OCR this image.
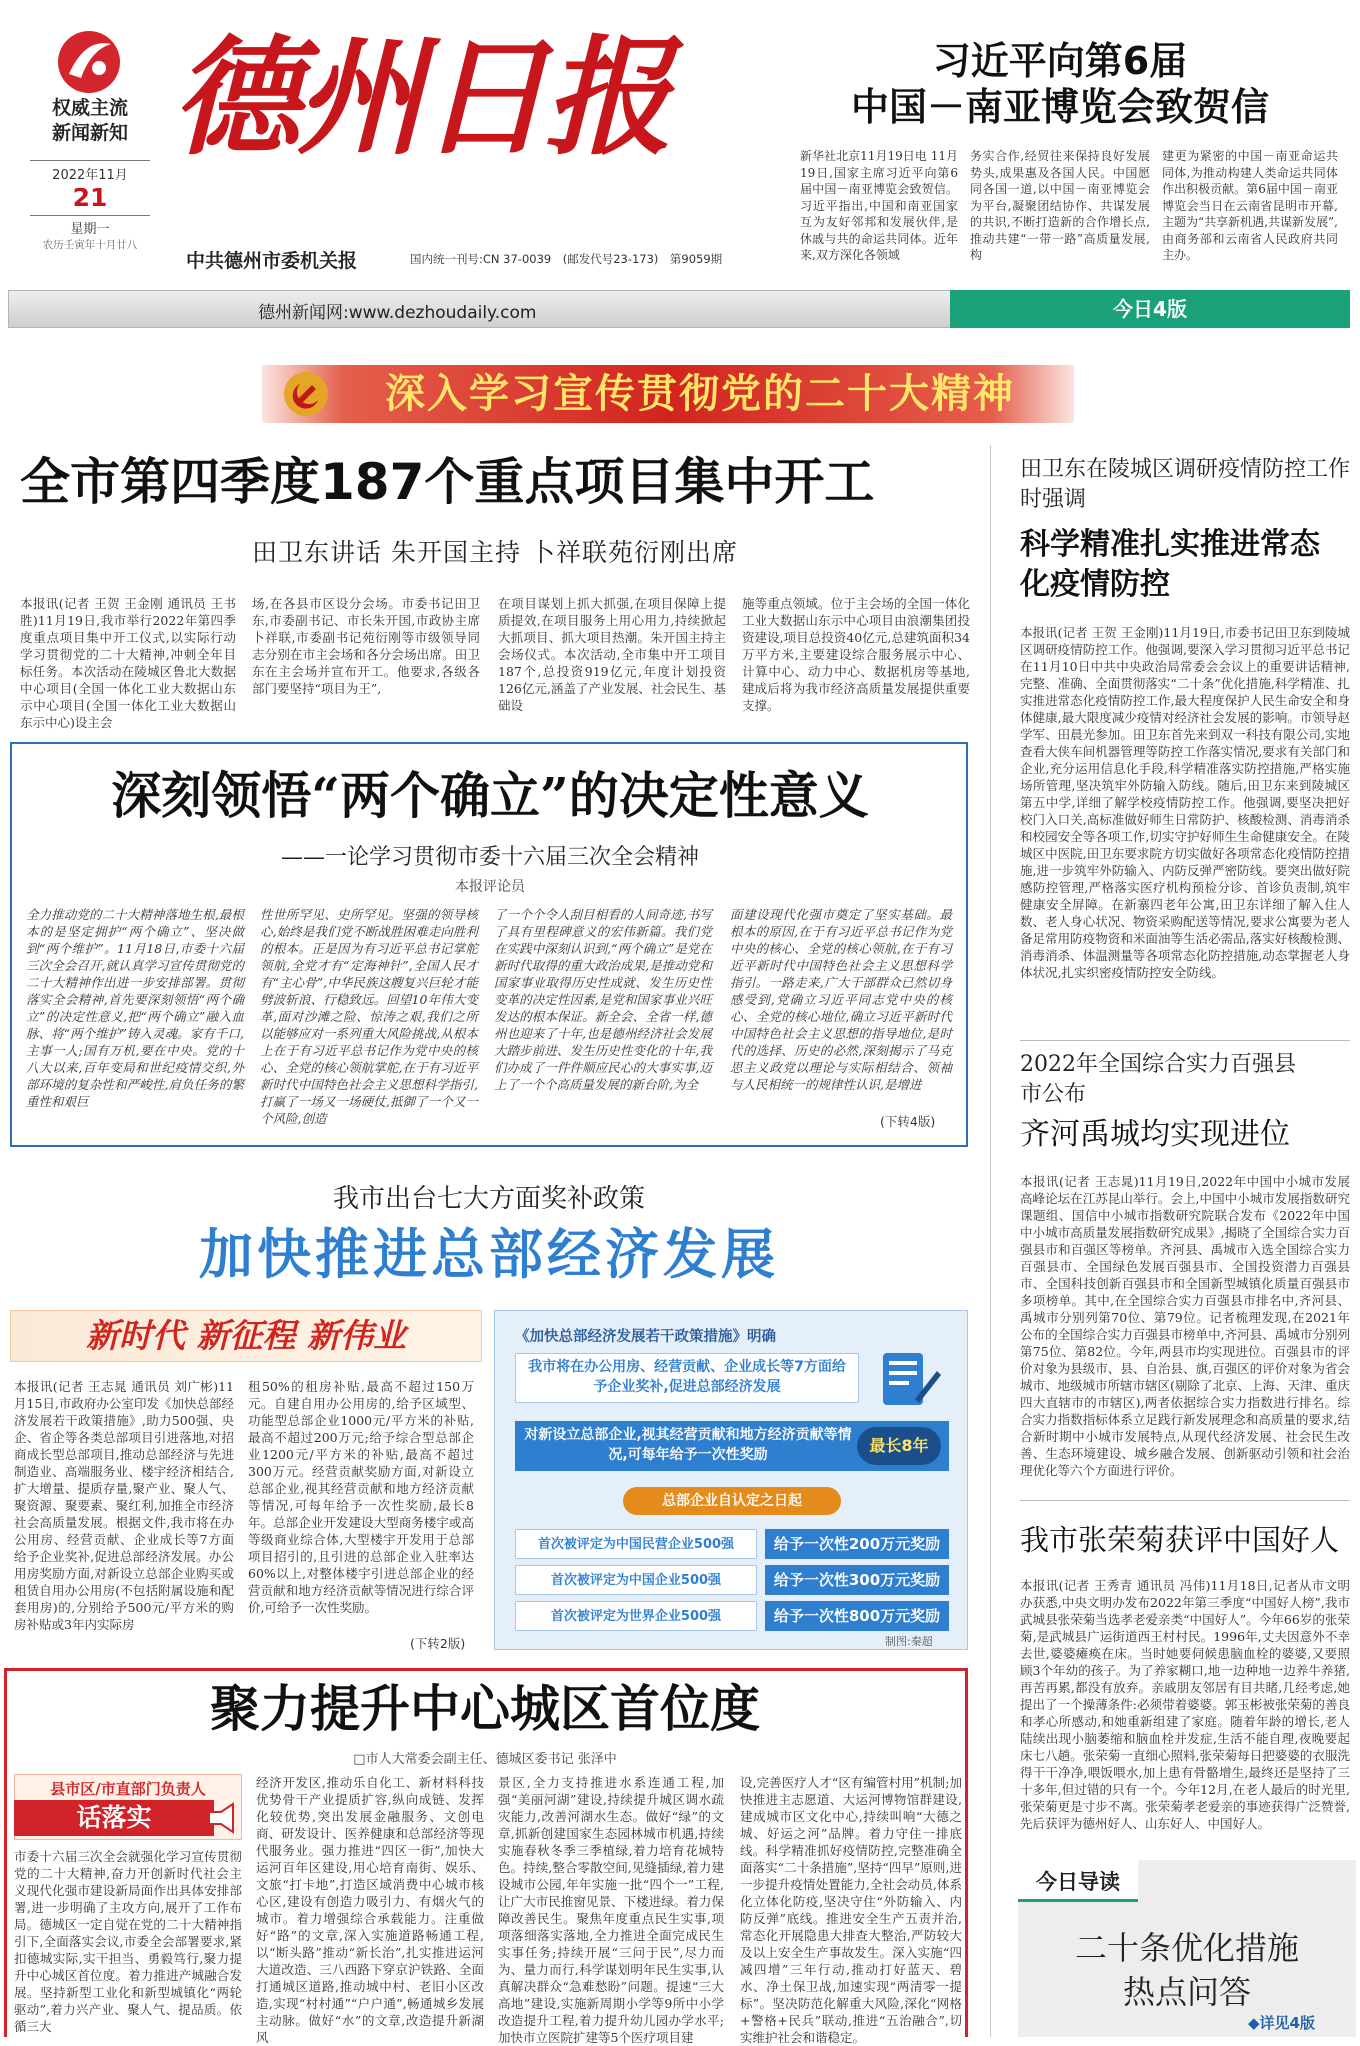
权威主流
新闻新知
2022年11月
21
星期一
农历壬寅年十月廿八
德州日报
中共德州市委机关报	国内统一刊号:CN 37-0039　(邮发代号23-173)　第9059期
习近平向第6届
中国－南亚博览会致贺信
新华社北京11月19日电 11月19日,国家主席习近平向第6届中国－南亚博览会致贺信。习近平指出,中国和南亚国家互为友好邻邦和发展伙伴,是休戚与共的命运共同体。近年来,双方深化各领域
务实合作,经贸往来保持良好发展势头,成果惠及各国人民。中国愿同各国一道,以中国－南亚博览会为平台,凝聚团结协作、共谋发展的共识,不断打造新的合作增长点,推动共建“一带一路”高质量发展,构
建更为紧密的中国－南亚命运共同体,为推动构建人类命运共同体作出积极贡献。第6届中国－南亚博览会当日在云南省昆明市开幕,主题为“共享新机遇,共谋新发展”,由商务部和云南省人民政府共同主办。
德州新闻网:www.dezhoudaily.com	今日4版
深入学习宣传贯彻党的二十大精神
全市第四季度187个重点项目集中开工
田卫东讲话 朱开国主持 卜祥联苑衍刚出席
本报讯(记者 王贺 王金刚 通讯员 王书胜)11月19日,我市举行2022年第四季度重点项目集中开工仪式,以实际行动学习贯彻党的二十大精神,冲刺全年目标任务。本次活动在陵城区鲁北大数据中心项目(全国一体化工业大数据山东示中心项目(全国一体化工业大数据山东示中心)设主会
场,在各县市区设分会场。市委书记田卫东,市委副书记、市长朱开国,市政协主席卜祥联,市委副书记苑衍刚等市级领导同志分别在市主会场和各分会场出席。田卫东在主会场并宣布开工。他要求,各级各部门要坚持“项目为王”,
在项目谋划上抓大抓强,在项目保障上提质提效,在项目服务上用心用力,持续掀起大抓项目、抓大项目热潮。朱开国主持主会场仪式。本次活动,全市集中开工项目187个,总投资919亿元,年度计划投资126亿元,涵盖了产业发展、社会民生、基础设
施等重点领域。位于主会场的全国一体化工业大数据山东示中心项目由浪潮集团投资建设,项目总投资40亿元,总建筑面积34万平方米,主要建设综合服务展示中心、计算中心、动力中心、数据机房等基地,建成后将为我市经济高质量发展提供重要支撑。
深刻领悟“两个确立”的决定性意义
——一论学习贯彻市委十六届三次全会精神
本报评论员
全力推动党的二十大精神落地生根,最根本的是坚定拥护“两个确立”、坚决做到“两个维护”。11月18日,市委十六届三次全会召开,就认真学习宣传贯彻党的二十大精神作出进一步安排部署。贯彻落实全会精神,首先要深刻领悟“两个确立”的决定性意义,把“两个确立”融入血脉、将“两个维护”铸入灵魂。家有千口,主事一人;国有万机,要在中央。党的十八大以来,百年变局和世纪疫情交织,外部环境的复杂性和严峻性,肩负任务的繁重性和艰巨
性世所罕见、史所罕见。坚强的领导核心,始终是我们党不断战胜困难走向胜利的根本。正是因为有习近平总书记掌舵领航,全党才有“定海神针”,全国人民才有“主心骨”,中华民族这艘复兴巨轮才能劈波斩浪、行稳致远。回望10年伟大变革,面对沙滩之险、惊涛之艰,我们之所以能够应对一系列重大风险挑战,从根本上在于有习近平总书记作为党中央的核心、全党的核心领航掌舵,在于有习近平新时代中国特色社会主义思想科学指引,打赢了一场又一场硬仗,抵御了一个又一个风险,创造
了一个个令人刮目相看的人间奇迹,书写了具有里程碑意义的宏伟新篇。我们党在实践中深刻认识到,“两个确立”是党在新时代取得的重大政治成果,是推动党和国家事业取得历史性成就、发生历史性变革的决定性因素,是党和国家事业兴旺发达的根本保证。新全会、全省一样,德州也迎来了十年,也是德州经济社会发展大踏步前进、发生历史性变化的十年,我们办成了一件件顺应民心的大事实事,迈上了一个个高质量发展的新台阶,为全
面建设现代化强市奠定了坚实基础。最根本的原因,在于有习近平总书记作为党中央的核心、全党的核心领航,在于有习近平新时代中国特色社会主义思想科学指引。一路走来,广大干部群众已然切身感受到,党确立习近平同志党中央的核心、全党的核心地位,确立习近平新时代中国特色社会主义思想的指导地位,是时代的选择、历史的必然,深刻揭示了马克思主义政党以理论与实际相结合、领袖与人民相统一的规律性认识,是增进
(下转4版)
我市出台七大方面奖补政策
加快推进总部经济发展
新时代 新征程 新伟业
本报讯(记者 王志晁 通讯员 刘广彬)11月15日,市政府办公室印发《加快总部经济发展若干政策措施》,助力500强、央企、省企等各类总部项目引进落地,对招商成长型总部项目,推动总部经济与先进制造业、高端服务业、楼宇经济相结合,扩大增量、提质存量,聚产业、聚人气、聚资源、聚要素、聚红利,加推全市经济社会高质量发展。根据文件,我市将在办公用房、经营贡献、企业成长等7方面给予企业奖补,促进总部经济发展。办公用房奖励方面,对新设立总部企业购买或租赁自用办公用房(不包括附属设施和配套用房)的,分别给予500元/平方米的购房补贴或3年内实际房
租50%的租房补贴,最高不超过150万元。自建自用办公用房的,给予区域型、功能型总部企业1000元/平方米的补贴,最高不超过200万元;给予综合型总部企业1200元/平方米的补贴,最高不超过300万元。经营贡献奖励方面,对新设立总部企业,视其经营贡献和地方经济贡献等情况,可每年给予一次性奖励,最长8年。总部企业开发建设大型商务楼宇或高等级商业综合体,大型楼宇开发用于总部项目招引的,且引进的总部企业入驻率达60%以上,对整体楼宇引进总部企业的经营贡献和地方经济贡献等情况进行综合评价,可给予一次性奖励。
(下转2版)
《加快总部经济发展若干政策措施》明确
我市将在办公用房、经营贡献、企业成长等7方面给予企业奖补,促进总部经济发展
对新设立总部企业,视其经营贡献和地方经济贡献等情况,可每年给予一次性奖励	最长8年
总部企业自认定之日起
首次被评定为中国民营企业500强	给予一次性200万元奖励
首次被评定为中国企业500强	给予一次性300万元奖励
首次被评定为世界企业500强	给予一次性800万元奖励
制图:秦超
聚力提升中心城区首位度
□市人大常委会副主任、德城区委书记 张泽中
县市区/市直部门负责人
话落实
市委十六届三次全会就强化学习宣传贯彻党的二十大精神,奋力开创新时代社会主义现代化强市建设新局面作出具体安排部署,进一步明确了主攻方向,展开了工作布局。德城区一定自觉在党的二十大精神指引下,全面落实会议,市委全会部署要求,紧扣德城实际,实干担当、勇毅笃行,聚力提升中心城区首位度。着力推进产城融合发展。坚持新型工业化和新型城镇化“两轮驱动”,着力兴产业、聚人气、提品质。依循三大
经济开发区,推动乐自化工、新材料科技优势骨干产业提质扩容,纵向成链、发挥化较优势,突出发展金融服务、文创电商、研发设计、医养健康和总部经济等现代服务业。强力推进“四区一街”,加快大运河百年区建设,用心培育南街、娱乐、文旅“打卡地”,打造区域消费中心城市核心区,建设有创造力吸引力、有烟火气的城市。着力增强综合承载能力。注重做好“路”的文章,深入实施道路畅通工程,以“断头路”推动“新长治”,扎实推进运河大道改造、三八西路下穿京沪铁路、全面打通城区道路,推动城中村、老旧小区改造,实现“村村通”“户户通”,畅通城乡发展主动脉。做好“水”的文章,改造提升新湖风
景区,全力支持推进水系连通工程,加强“美丽河湖”建设,持续提升城区调水疏灾能力,改善河湖水生态。做好“绿”的文章,抓新创建国家生态园林城市机遇,持续实施春秋冬季三季植绿,着力培育花城特色。持续,整合零散空间,见缝插绿,着力建设城市公园,年年实施一批“四个一”工程,让广大市民推窗见景、下楼进绿。着力保障改善民生。聚焦年度重点民生实事,项项落细落实落地,全力推进全面完成民生实事任务;持续开展“三问于民”,尽力而为、量力而行,科学谋划明年民生实事,认真解决群众“急难愁盼”问题。提速“三大高地”建设,实施新周期小学等9所中小学改造提升工程,着力提升幼儿园办学水平;加快市立医院扩建等5个医疗项目建
设,完善医疗人才“区有编管村用”机制;加快推进主志愿道、大运河博物馆群建设,建成城市区文化中心,持续叫响“大德之城、好运之河”品牌。着力守住一排底线。科学精准抓好疫情防控,完整准确全面落实“二十条措施”,坚持“四早”原则,进一步提升疫情处置能力,全社会动员,体系化立体化防疫,坚决守住“外防输入、内防反弹”底线。推进安全生产五责并治,常态化开展隐患大排查大整治,严防较大及以上安全生产事故发生。深入实施“四减四增”三年行动,推动打好蓝天、碧水、净土保卫战,加速实现“两清零一提标”。坚决防范化解重大风险,深化“网格+警格+民兵”联动,推进“五治融合”,切实维护社会和谐稳定。
田卫东在陵城区调研疫情防控工作时强调
科学精准扎实推进常态化疫情防控
本报讯(记者 王贺 王金刚)11月19日,市委书记田卫东到陵城区调研疫情防控工作。他强调,要深入学习贯彻习近平总书记在11月10日中共中央政治局常委会会议上的重要讲话精神,完整、准确、全面贯彻落实“二十条”优化措施,科学精准、扎实推进常态化疫情防控工作,最大程度保护人民生命安全和身体健康,最大限度减少疫情对经济社会发展的影响。市领导赵学军、田晨光参加。田卫东首先来到双一科技有限公司,实地查看大侠车间机器管理等防控工作落实情况,要求有关部门和企业,充分运用信息化手段,科学精准落实防控措施,严格实施场所管理,坚决筑牢外防输入防线。随后,田卫东来到陵城区第五中学,详细了解学校疫情防控工作。他强调,要坚决把好校门入口关,高标准做好师生日常防护、核酸检测、消毒消杀和校园安全等各项工作,切实守护好师生生命健康安全。在陵城区中医院,田卫东要求院方切实做好各项常态化疫情防控措施,进一步筑牢外防输入、内防反弹严密防线。要突出做好院感防控管理,严格落实医疗机构预检分诊、首诊负责制,筑牢健康安全屏障。在新寨四老年公寓,田卫东详细了解入住人数、老人身心状况、物资采购配送等情况,要求公寓要为老人备足常用防疫物资和米面油等生活必需品,落实好核酸检测、消毒消杀、体温测量等各项常态化防控措施,动态掌握老人身体状况,扎实织密疫情防控安全防线。
2022年全国综合实力百强县市公布
齐河禹城均实现进位
本报讯(记者 王志晁)11月19日,2022年中国中小城市发展高峰论坛在江苏昆山举行。会上,中国中小城市发展指数研究课题组、国信中小城市指数研究院联合发布《2022年中国中小城市高质量发展指数研究成果》,揭晓了全国综合实力百强县市和百强区等榜单。齐河县、禹城市入选全国综合实力百强县市、全国绿色发展百强县市、全国投资潜力百强县市、全国科技创新百强县市和全国新型城镇化质量百强县市多项榜单。其中,在全国综合实力百强县市排名中,齐河县、禹城市分别列第70位、第79位。记者梳理发现,在2021年公布的全国综合实力百强县市榜单中,齐河县、禹城市分别列第75位、第82位。今年,两县市均实现进位。百强县市的评价对象为县级市、县、自治县、旗,百强区的评价对象为省会城市、地级城市所辖市辖区(剔除了北京、上海、天津、重庆四大直辖市的市辖区),两者依据综合实力指数进行排名。综合实力指数指标体系立足践行新发展理念和高质量的要求,结合新时期中小城市发展特点,从现代经济发展、社会民生改善、生态环境建设、城乡融合发展、创新驱动引领和社会治理优化等六个方面进行评价。
我市张荣菊获评中国好人
本报讯(记者 王秀青 通讯员 冯伟)11月18日,记者从市文明办获悉,中央文明办发布2022年第三季度“中国好人榜”,我市武城县张荣菊当选孝老爱亲类“中国好人”。今年66岁的张荣菊,是武城县广运街道西王村村民。1996年,丈夫因意外不幸去世,婆婆瘫痪在床。当时她要伺候患脑血栓的婆婆,又要照顾3个年幼的孩子。为了养家糊口,地一边种地一边养牛养猪,再苦再累,都没有放弃。亲戚朋友邻居有目共睹,几经考虑,她提出了一个操薄条件:必须带着婆婆。郭玉彬被张荣菊的善良和孝心所感动,和她重新组建了家庭。随着年龄的增长,老人陆续出现小脑萎缩和脑血栓并发症,生活不能自理,夜晚要起床七八趟。张荣菊一直细心照料,张荣菊每日把婆婆的衣服洗得干干净净,喂饭喂水,加上患有骨骼增生,最终还是坚持了三十多年,但过错的只有一个。今年12月,在老人最后的时光里,张荣菊更是寸步不离。张荣菊孝老爱亲的事迹获得广泛赞誉,先后获评为德州好人、山东好人、中国好人。
今日导读
二十条优化措施
热点问答
◆详见4版
